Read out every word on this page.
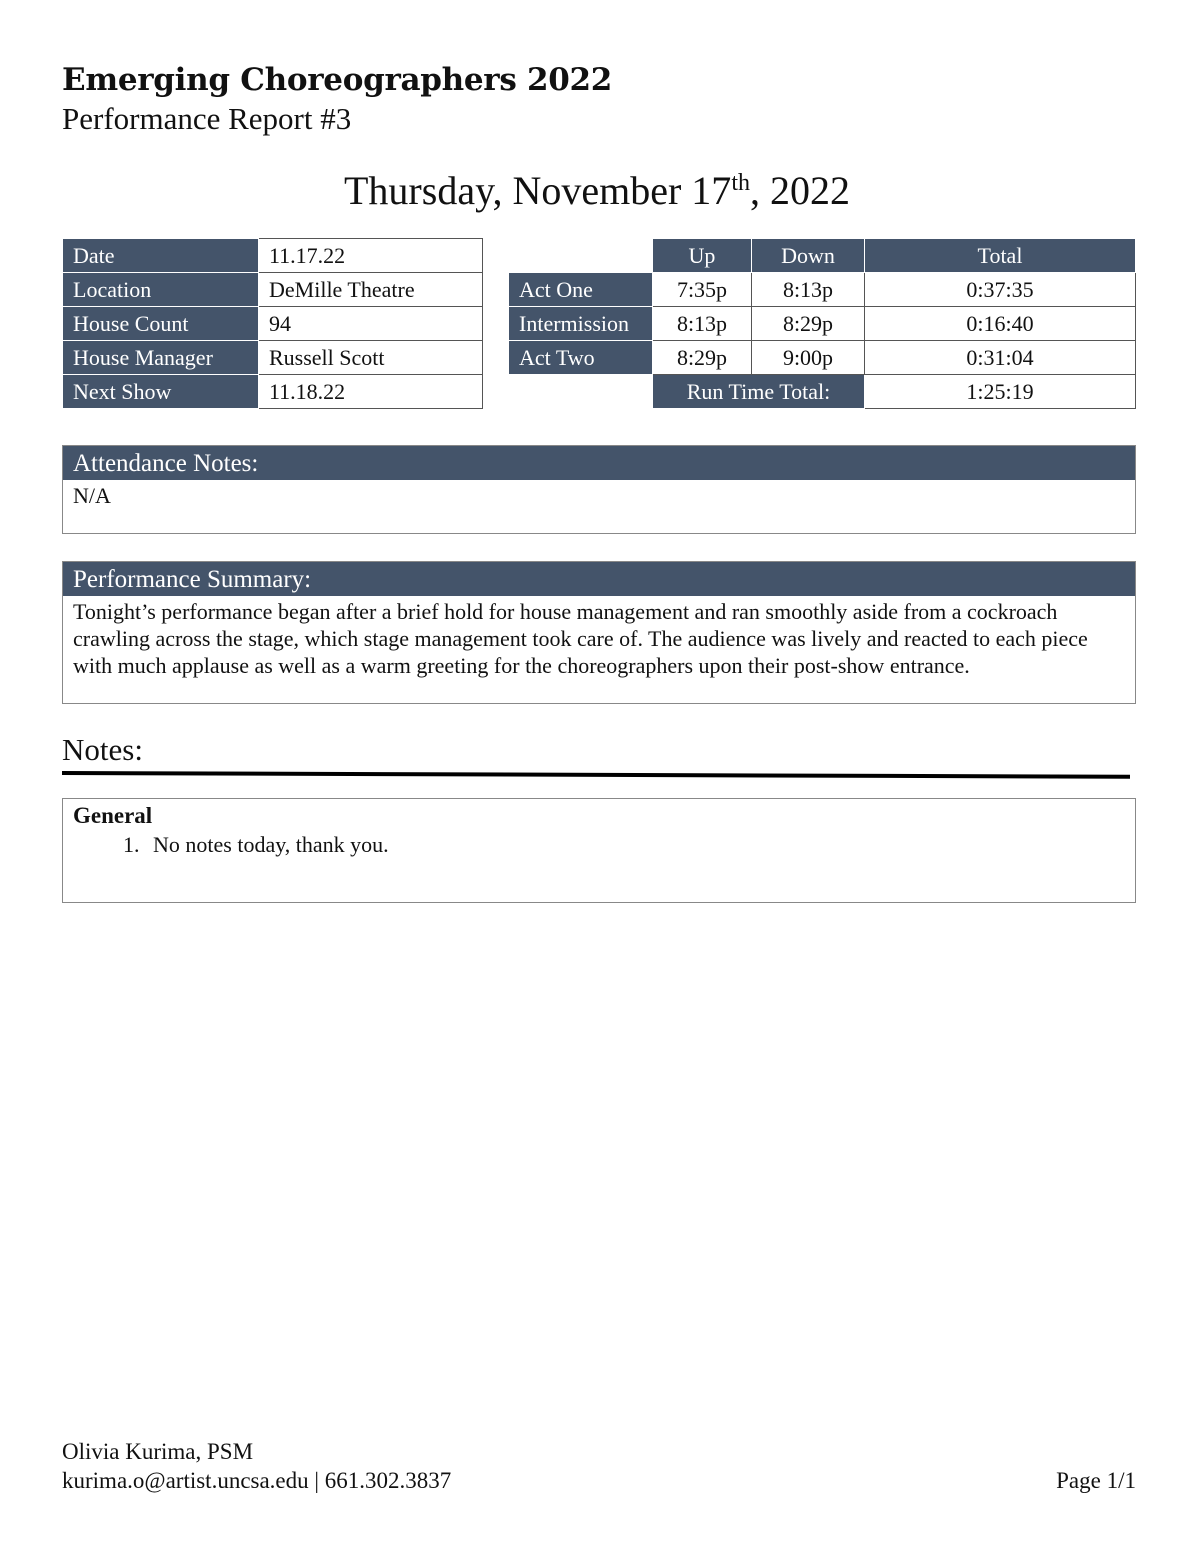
Emerging Choreographers 2022
Performance Report #3
Thursday, November 17th, 2022
Date	11.17.22
Location	DeMille Theatre
House Count	94
House Manager	Russell Scott
Next Show	11.18.22
	Up	Down	Total
Act One	7:35p	8:13p	0:37:35
Intermission	8:13p	8:29p	0:16:40
Act Two	8:29p	9:00p	0:31:04
	Run Time Total:		1:25:19
Attendance Notes:
N/A
Performance Summary:
Tonight’s performance began after a brief hold for house management and ran smoothly aside from a cockroach crawling across the stage, which stage management took care of. The audience was lively and reacted to each piece with much applause as well as a warm greeting for the choreographers upon their post-show entrance.
Notes:
General
1. No notes today, thank you.
Olivia Kurima, PSM
kurima.o@artist.uncsa.edu | 661.302.3837	Page 1/1
